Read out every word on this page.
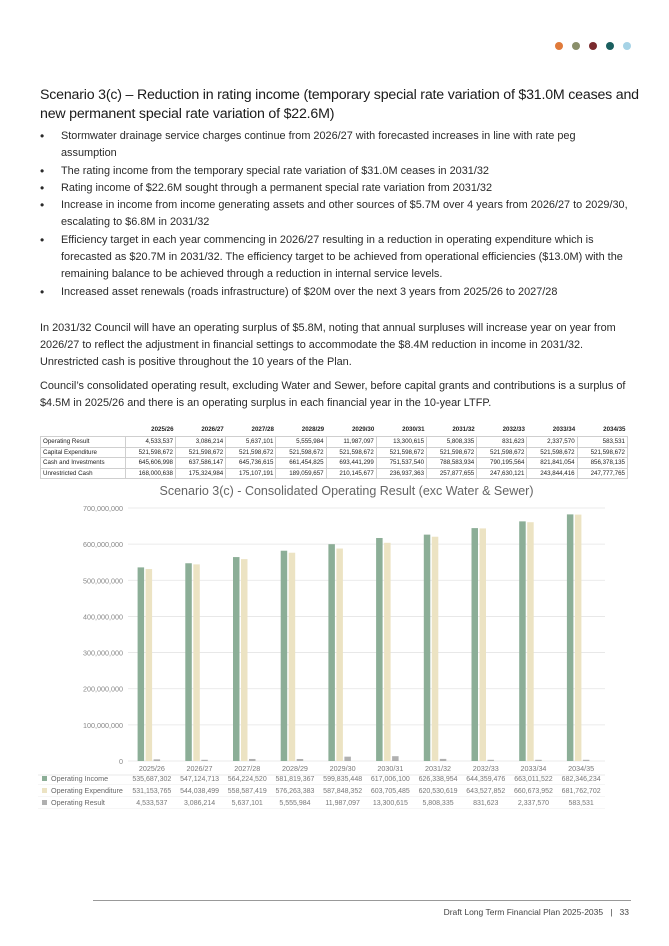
Scenario 3(c) – Reduction in rating income (temporary special rate variation of $31.0M ceases and new permanent special rate variation of $22.6M)
• Stormwater drainage service charges continue from 2026/27 with forecasted increases in line with rate peg assumption
• The rating income from the temporary special rate variation of $31.0M ceases in 2031/32
• Rating income of $22.6M sought through a permanent special rate variation from 2031/32
• Increase in income from income generating assets and other sources of $5.7M over 4 years from 2026/27 to 2029/30, escalating to $6.8M in 2031/32
• Efficiency target in each year commencing in 2026/27 resulting in a reduction in operating expenditure which is forecasted as $20.7M in 2031/32. The efficiency target to be achieved from operational efficiencies ($13.0M) with the remaining balance to be achieved through a reduction in internal service levels.
• Increased asset renewals (roads infrastructure) of $20M over the next 3 years from 2025/26 to 2027/28

In 2031/32 Council will have an operating surplus of $5.8M, noting that annual surpluses will increase year on year from 2026/27 to reflect the adjustment in financial settings to accommodate the $8.4M reduction in income in 2031/32. Unrestricted cash is positive throughout the 10 years of the Plan.

Council’s consolidated operating result, excluding Water and Sewer, before capital grants and contributions is a surplus of $4.5M in 2025/26 and there is an operating surplus in each financial year in the 10-year LTFP.

	2025/26	2026/27	2027/28	2028/29	2029/30	2030/31	2031/32	2032/33	2033/34	2034/35
Operating Result	4,533,537	3,086,214	5,637,101	5,555,984	11,987,097	13,300,615	5,808,335	831,623	2,337,570	583,531
Capital Expenditure	521,598,672	521,598,672	521,598,672	521,598,672	521,598,672	521,598,672	521,598,672	521,598,672	521,598,672	521,598,672
Cash and Investments	645,606,998	637,586,147	645,736,615	661,454,825	693,441,299	751,537,540	788,583,934	790,195,564	821,841,054	856,378,135
Unrestricted Cash	168,000,638	175,324,984	175,107,191	189,059,657	210,145,677	236,937,363	257,877,655	247,630,121	243,844,416	247,777,765
Scenario 3(c) - Consolidated Operating Result (exc Water & Sewer)
0
100,000,000
200,000,000
300,000,000
400,000,000
500,000,000
600,000,000
700,000,000
2025/26	2026/27	2027/28	2028/29	2029/30	2030/31	2031/32	2032/33	2033/34	2034/35
Operating Income	535,687,302 547,124,713 564,224,520 581,819,367 599,835,448 617,006,100 626,338,954 644,359,476 663,011,522 682,346,234
Operating Expenditure 531,153,765 544,038,499 558,587,419 576,263,383 587,848,352 603,705,485 620,530,619 643,527,852 660,673,952 681,762,702
Operating Result	4,533,537 3,086,214 5,637,101 5,555,984 11,987,097 13,300,615 5,808,335	831,623	2,337,570	583,531
Draft Long Term Financial Plan 2025-2035 | 33
